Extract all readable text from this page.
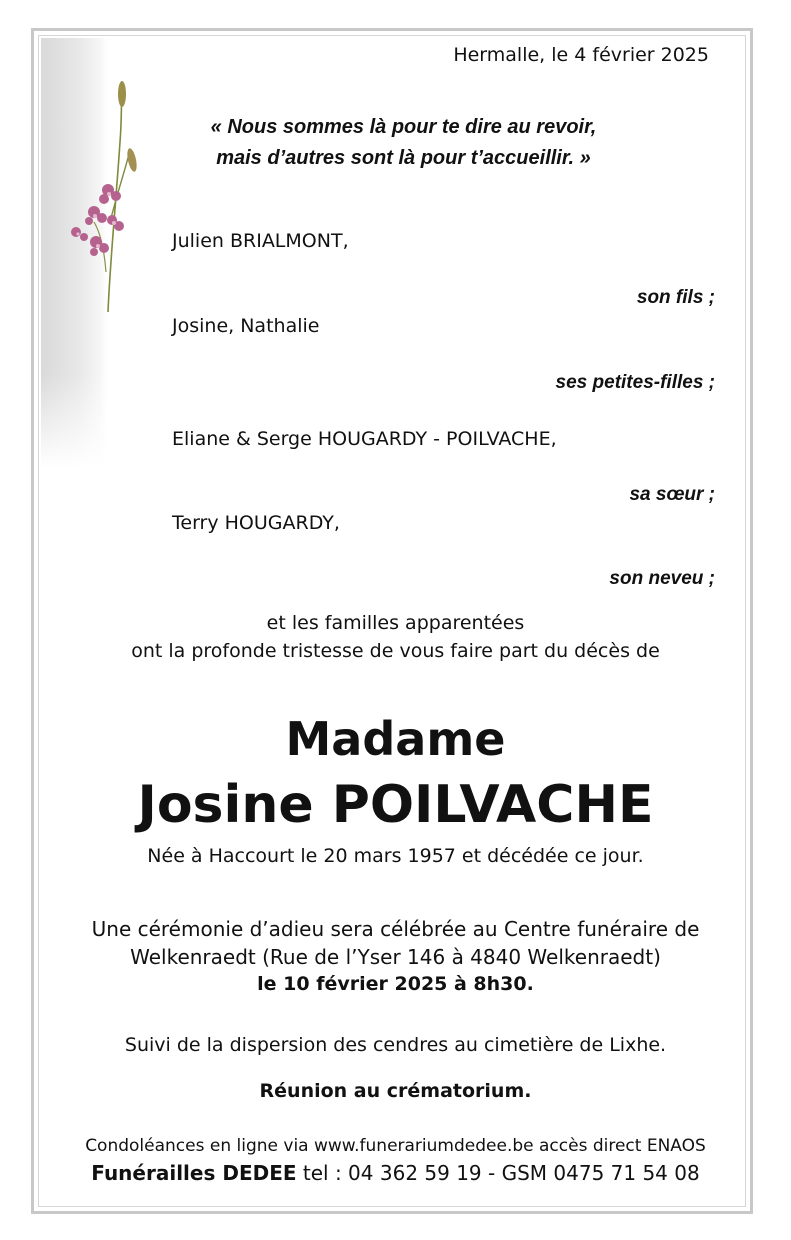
Hermalle, le 4 février 2025

« Nous sommes là pour te dire au revoir,

mais d’autres sont là pour t’accueillir. »

Julien BRIALMONT,

son fils ;

Josine, Nathalie

ses petites-filles ;

Eliane & Serge HOUGARDY - POILVACHE,

sa sœur ;

Terry HOUGARDY,

son neveu ;

et les familles apparentées

ont la profonde tristesse de vous faire part du décès de

Madame

Josine POILVACHE

Née à Haccourt le 20 mars 1957 et décédée ce jour.

Une cérémonie d’adieu sera célébrée au Centre funéraire de

Welkenraedt (Rue de l’Yser 146 à 4840 Welkenraedt)

le 10 février 2025 à 8h30.

Suivi de la dispersion des cendres au cimetière de Lixhe.

Réunion au crématorium.

Condoléances en ligne via www.funerariumdedee.be accès direct ENAOS

Funérailles DEDEE tel : 04 362 59 19 - GSM 0475 71 54 08
